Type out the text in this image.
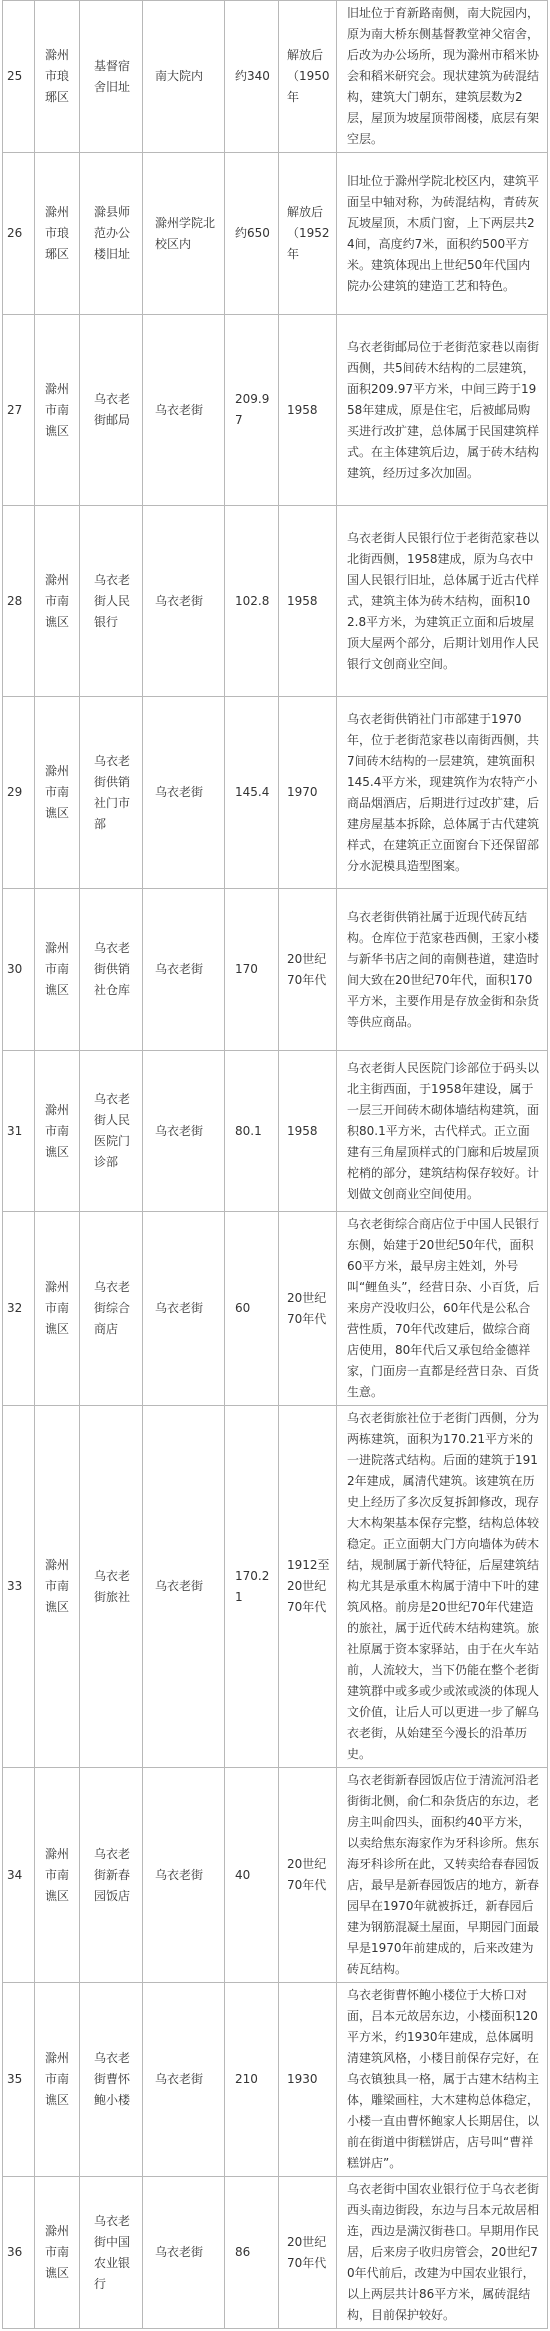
25	滁州市琅琊区	基督宿舍旧址	南大院内	约340	解放后（1950年	旧址位于育新路南侧，南大院园内，原为南大桥东侧基督教堂神父宿舍，后改为办公场所，现为滁州市稻米协会和稻米研究会。现状建筑为砖混结构，建筑大门朝东，建筑层数为2层，屋顶为坡屋顶带阁楼，底层有架空层。

26	滁州市琅琊区	滁县师范办公楼旧址	滁州学院北校区内	约650	解放后（1952年	旧址位于滁州学院北校区内，建筑平面呈中轴对称，为砖混结构，青砖灰瓦坡屋顶，木质门窗，上下两层共24间，高度约7米，面积约500平方米。建筑体现出上世纪50年代国内院办公建筑的建造工艺和特色。

27	滁州市南谯区	乌衣老街邮局	乌衣老街	209.97	1958	乌衣老街邮局位于老街范家巷以南街西侧，共5间砖木结构的二层建筑，面积209.97平方米，中间三跨于1958年建成，原是住宅，后被邮局购买进行改扩建，总体属于民国建筑样式。在主体建筑后边，属于砖木结构建筑，经历过多次加固。

28	滁州市南谯区	乌衣老街人民银行	乌衣老街	102.8	1958	乌衣老街人民银行位于老街范家巷以北街西侧，1958建成，原为乌衣中国人民银行旧址，总体属于近古代样式，建筑主体为砖木结构，面积102.8平方米，为建筑正立面和后坡屋顶大屋两个部分，后期计划用作人民银行文创商业空间。

29	滁州市南谯区	乌衣老街供销社门市部	乌衣老街	145.4	1970	乌衣老街供销社门市部建于1970年，位于老街范家巷以南街西侧，共7间砖木结构的一层建筑，建筑面积145.4平方米，现建筑作为农特产小商品烟酒店，后期进行过改扩建，后建房屋基本拆除，总体属于古代建筑样式，在建筑正立面窗台下还保留部分水泥模具造型图案。

30	滁州市南谯区	乌衣老街供销社仓库	乌衣老街	170	20世纪70年代	乌衣老街供销社属于近现代砖瓦结构。仓库位于范家巷西侧，王家小楼与新华书店之间的南侧巷道，建造时间大致在20世纪70年代，面积170平方米，主要作用是存放金街和杂货等供应商品。

31	滁州市南谯区	乌衣老街人民医院门诊部	乌衣老街	80.1	1958	乌衣老街人民医院门诊部位于码头以北主街西面，于1958年建设，属于一层三开间砖木砌体墙结构建筑，面积80.1平方米，古代样式。正立面建有三角屋顶样式的门廊和后坡屋顶柁梢的部分，建筑结构保存较好。计划做文创商业空间使用。

32	滁州市南谯区	乌衣老街综合商店	乌衣老街	60	20世纪70年代	乌衣老街综合商店位于中国人民银行东侧，始建于20世纪50年代，面积60平方米，最早房主姓刘，外号叫“鲤鱼头”，经营日杂、小百货，后来房产没收归公，60年代是公私合营性质，70年代改建后，做综合商店使用，80年代后又承包给金德祥家，门面房一直都是经营日杂、百货生意。

33	滁州市南谯区	乌衣老街旅社	乌衣老街	170.21	1912至20世纪70年代	乌衣老街旅社位于老街门西侧，分为两栋建筑，面积为170.21平方米的一进院落式结构。后面的建筑于1912年建成，属清代建筑。该建筑在历史上经历了多次反复拆卸修改，现存大木构架基本保存完整，结构总体较稳定。正立面朝大门方向墙体为砖木结，规制属于新代特征，后屋建筑结构尤其是承重木构属于清中下叶的建筑风格。前房是20世纪70年代建造的旅社，属于近代砖木结构建筑。旅社原属于资本家驿站，由于在火车站前，人流较大，当下仍能在整个老街建筑群中或多或少或浓或淡的体现人文价值，让后人可以更进一步了解乌衣老街，从始建至今漫长的沿革历史。

34	滁州市南谯区	乌衣老街新春园饭店	乌衣老街	40	20世纪70年代	乌衣老街新春园饭店位于清流河沿老街街北侧，俞仁和杂货店的东边，老房主叫俞四头，面积约40平方米，以卖给焦东海家作为牙科诊所。焦东海牙科诊所在此，又转卖给春春园饭店，最早是新春园饭店的地方，新春园早在1970年就被拆迁，新春园后建为钢筋混凝土屋面，早期园门面最早是1970年前建成的，后来改建为砖瓦结构。

35	滁州市南谯区	乌衣老街曹怀鲍小楼	乌衣老街	210	1930	乌衣老街曹怀鲍小楼位于大桥口对面，吕本元故居东边，小楼面积120平方米，约1930年建成，总体属明清建筑风格，小楼目前保存完好，在乌衣镇独具一格，属于古建木结构主体，雕梁画柱，大木建构总体稳定，小楼一直由曹怀鲍家人长期居住，以前在街道中街糕饼店，店号叫“曹祥糕饼店”。

36	滁州市南谯区	乌衣老街中国农业银行	乌衣老街	86	20世纪70年代	乌衣老街中国农业银行位于乌衣老街西头南边街段，东边与吕本元故居相连，西边是满汉街巷口。早期用作民居，后来房子收归房管会，20世纪70年代前后，改建为中国农业银行，以上两层共计86平方米，属砖混结构，目前保护较好。
